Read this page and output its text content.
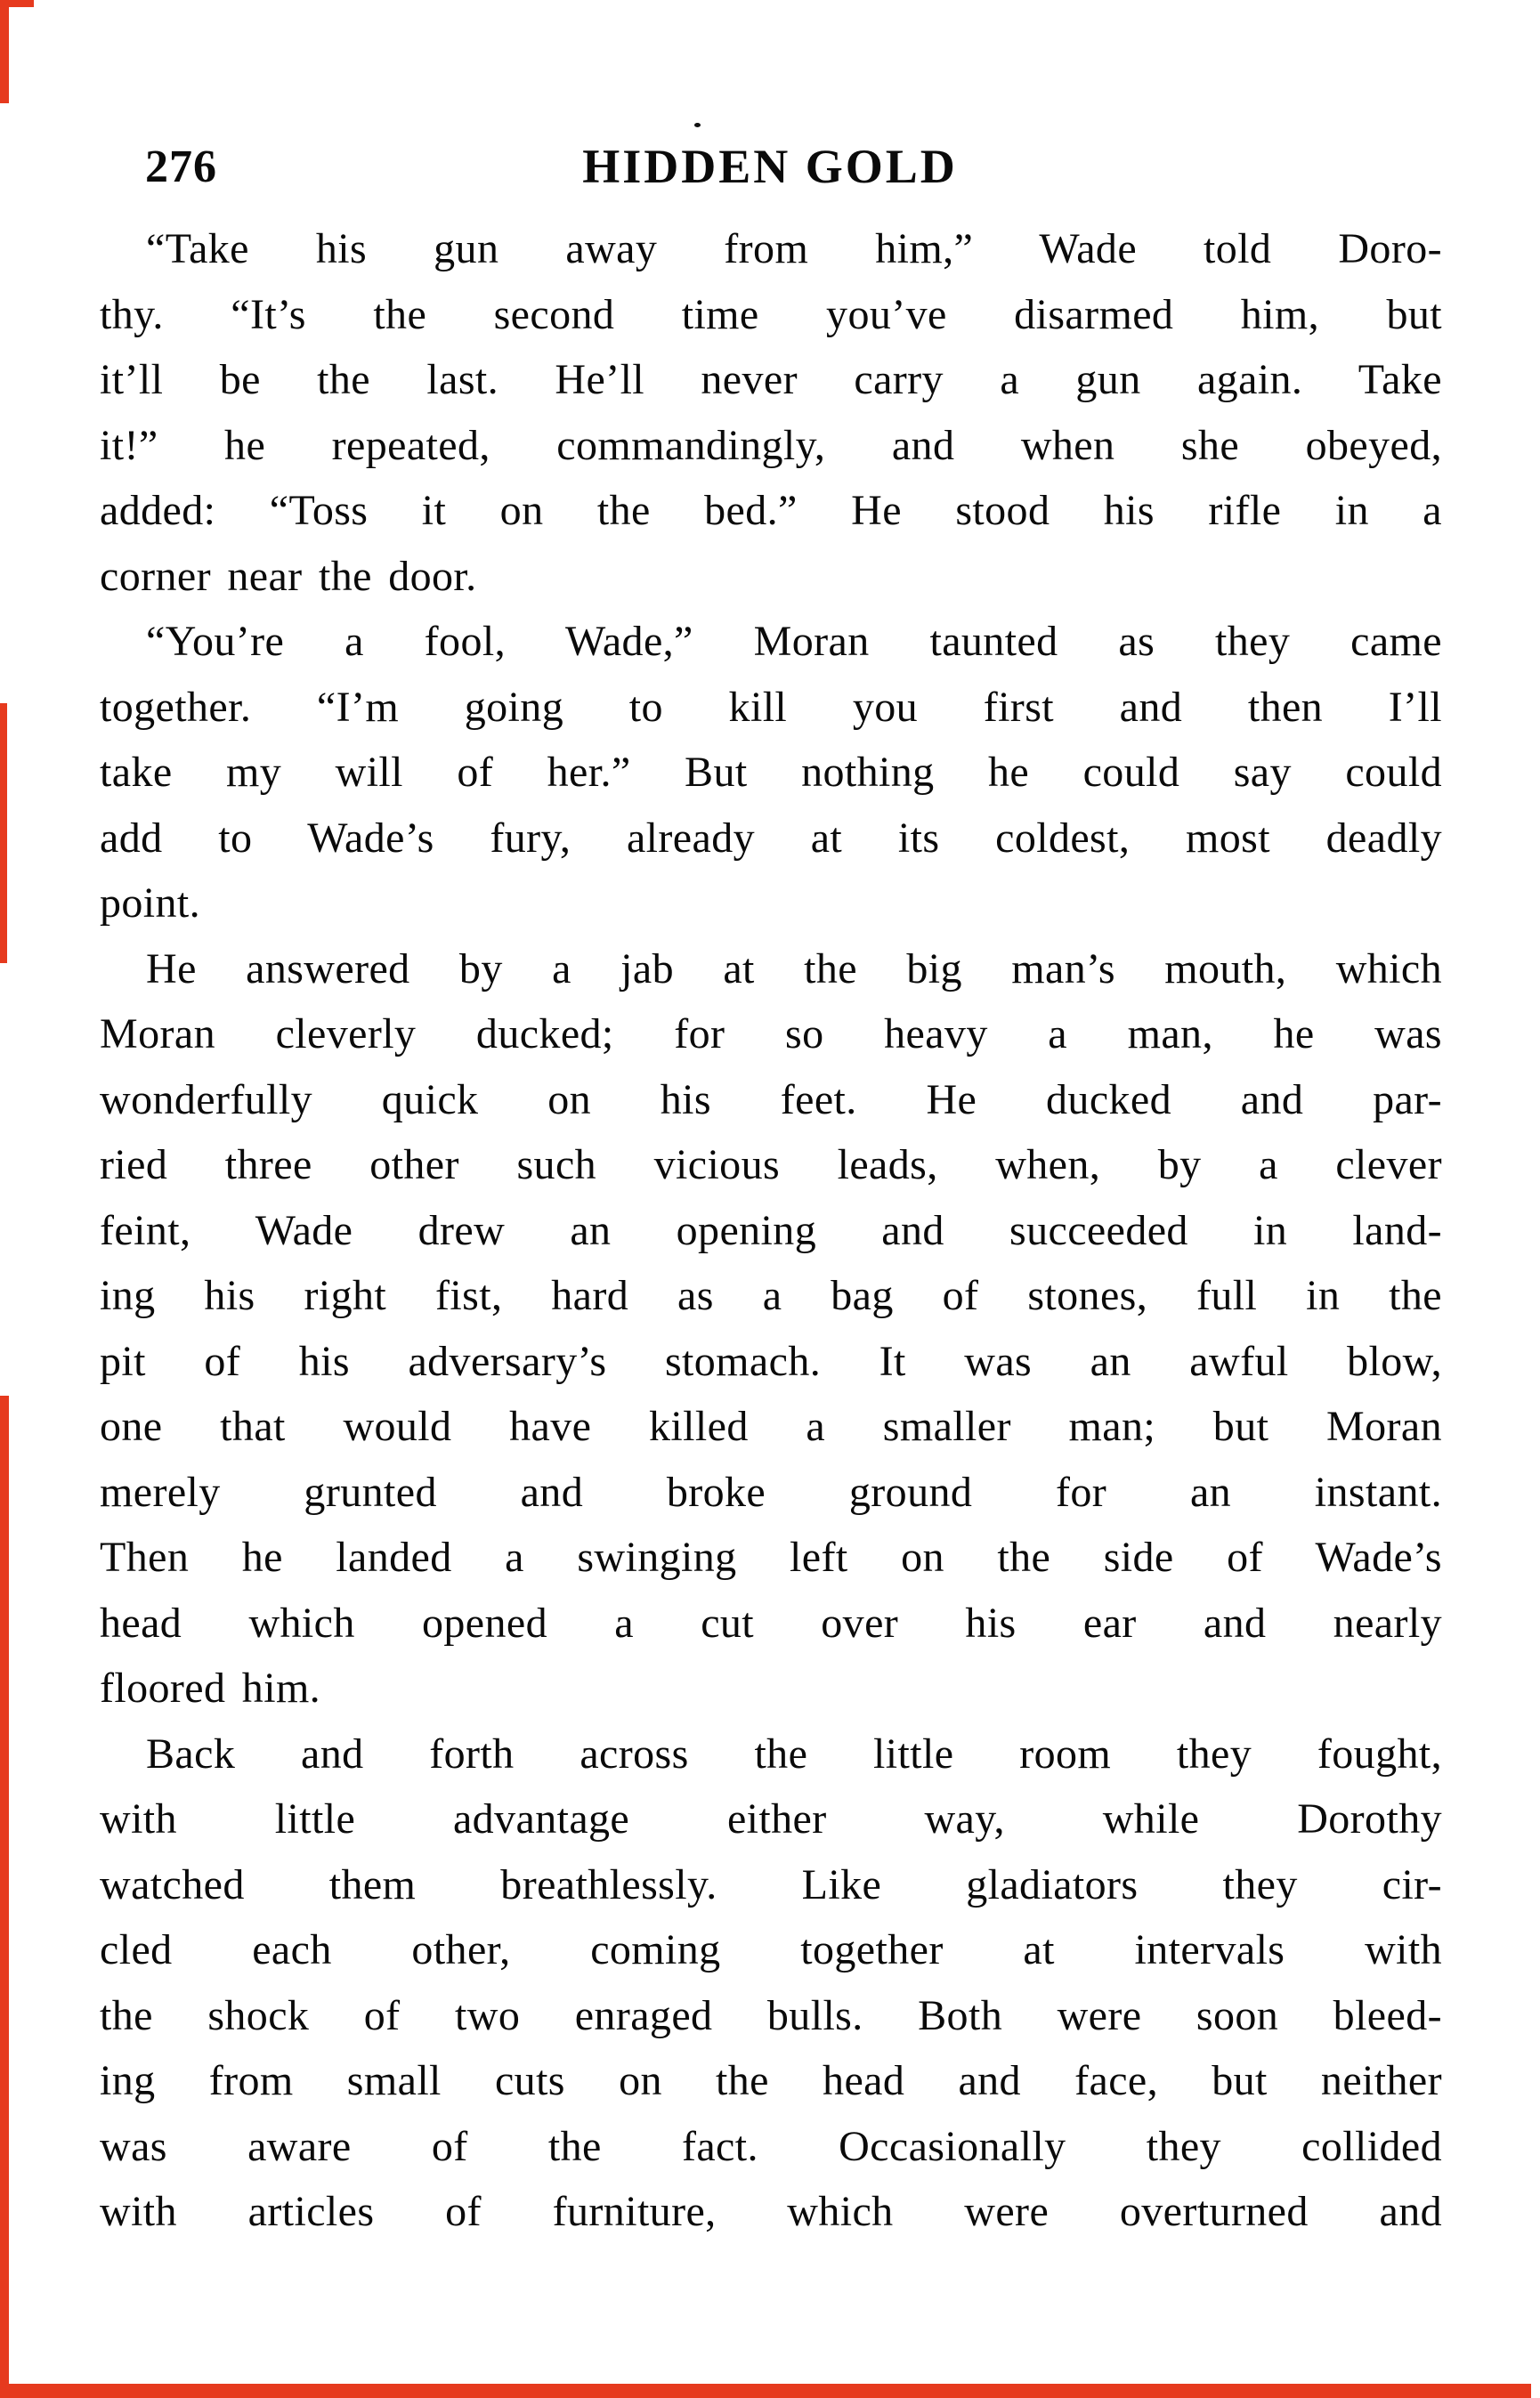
276	HIDDEN GOLD
“Take his gun away from him,” Wade told Doro-
thy. “It’s the second time you’ve disarmed him, but
it’ll be the last. He’ll never carry a gun again. Take
it!” he repeated, commandingly, and when she obeyed,
added: “Toss it on the bed.” He stood his rifle in a
corner near the door.
“You’re a fool, Wade,” Moran taunted as they came
together. “I’m going to kill you first and then I’ll
take my will of her.” But nothing he could say could
add to Wade’s fury, already at its coldest, most deadly
point.
He answered by a jab at the big man’s mouth, which
Moran cleverly ducked; for so heavy a man, he was
wonderfully quick on his feet. He ducked and par-
ried three other such vicious leads, when, by a clever
feint, Wade drew an opening and succeeded in land-
ing his right fist, hard as a bag of stones, full in the
pit of his adversary’s stomach. It was an awful blow,
one that would have killed a smaller man; but Moran
merely grunted and broke ground for an instant.
Then he landed a swinging left on the side of Wade’s
head which opened a cut over his ear and nearly
floored him.
Back and forth across the little room they fought,
with little advantage either way, while Dorothy
watched them breathlessly. Like gladiators they cir-
cled each other, coming together at intervals with
the shock of two enraged bulls. Both were soon bleed-
ing from small cuts on the head and face, but neither
was aware of the fact. Occasionally they collided
with articles of furniture, which were overturned and
